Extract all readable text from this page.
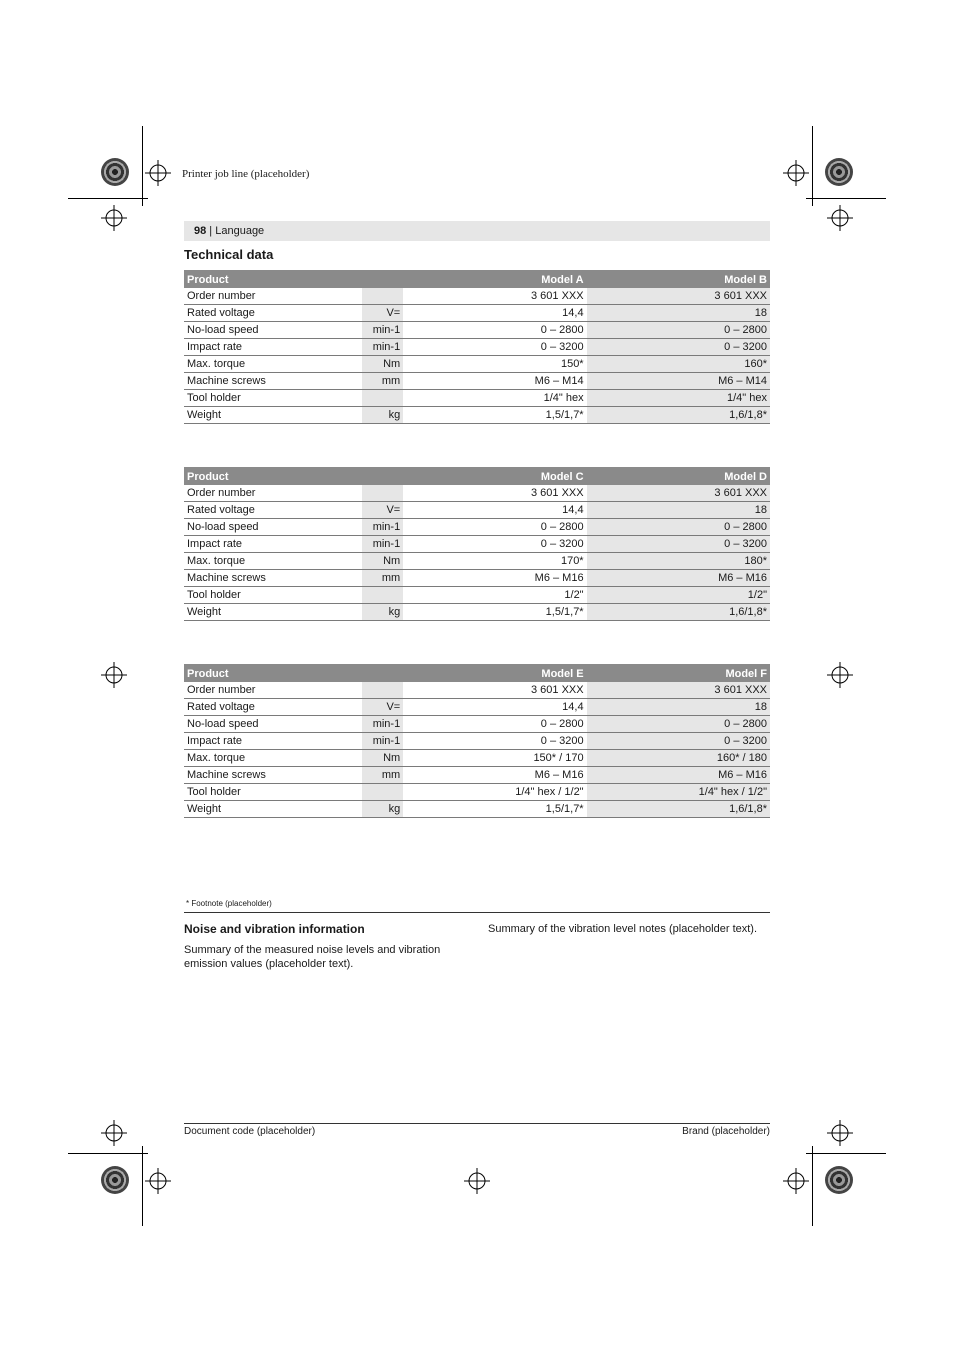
Printer job line (placeholder)
98 | Language
Technical data
Product		Model A	Model B
Order number		3 601 XXX	3 601 XXX
Rated voltage	V=	14,4	18
No-load speed	min-1	0 – 2800	0 – 2800
Impact rate	min-1	0 – 3200	0 – 3200
Max. torque	Nm	150*	160*
Machine screws	mm	M6 – M14	M6 – M14
Tool holder		1/4" hex	1/4" hex
Weight	kg	1,5/1,7*	1,6/1,8*
Product		Model C	Model D
Order number		3 601 XXX	3 601 XXX
Rated voltage	V=	14,4	18
No-load speed	min-1	0 – 2800	0 – 2800
Impact rate	min-1	0 – 3200	0 – 3200
Max. torque	Nm	170*	180*
Machine screws	mm	M6 – M16	M6 – M16
Tool holder		1/2"	1/2"
Weight	kg	1,5/1,7*	1,6/1,8*
Product		Model E	Model F
Order number		3 601 XXX	3 601 XXX
Rated voltage	V=	14,4	18
No-load speed	min-1	0 – 2800	0 – 2800
Impact rate	min-1	0 – 3200	0 – 3200
Max. torque	Nm	150* / 170	160* / 180
Machine screws	mm	M6 – M16	M6 – M16
Tool holder		1/4" hex / 1/2"	1/4" hex / 1/2"
Weight	kg	1,5/1,7*	1,6/1,8*
* Footnote (placeholder)
Noise and vibration information

Summary of the measured noise levels and vibration emission values (placeholder text).

Summary of the vibration level notes (placeholder text).

Document code (placeholder)	Brand (placeholder)
